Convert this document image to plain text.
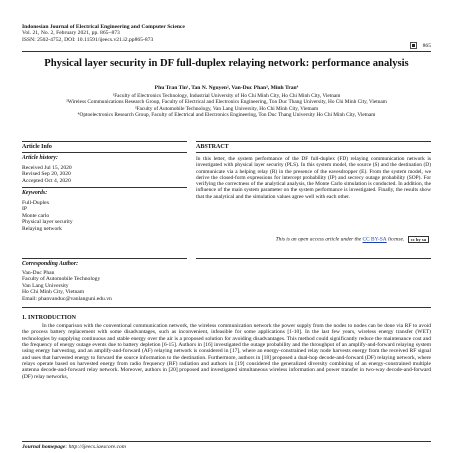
Indonesian Journal of Electrical Engineering and Computer Science
Vol. 21, No. 2, February 2021, pp. 865~873
ISSN: 2502-4752, DOI: 10.11591/ijeecs.v21.i2.pp865-873
865
Physical layer security in DF full-duplex relaying network: performance analysis
Phu Tran Tin¹, Tan N. Nguyen², Van-Duc Phan³, Minh Tran⁴
¹Faculty of Electronics Technology, Industrial University of Ho Chi Minh City, Ho Chi Minh City, Vietnam
²Wireless Communications Research Group, Faculty of Electrical and Electronics Engineering, Ton Duc Thang University, Ho Chi Minh City, Vietnam
³Faculty of Automobile Technology, Van Lang University, Ho Chi Minh City, Vietnam
⁴Optoelectronics Research Group, Faculty of Electrical and Electronics Engineering, Ton Duc Thang University Ho Chi Minh City, Vietnam
Article Info	ABSTRACT
Article history:
Received Jul 15, 2020
Revised Sep 20, 2020
Accepted Oct 4, 2020
Keywords:
Full-Duplex
IP
Monte carlo
Physical layer security
Relaying network
In this letter, the system performance of the DF full-duplex (FD) relaying communication network is investigated with physical layer security (PLS). In this system model, the source (S) and the destination (D) communicate via a helping relay (R) in the presence of the eavesdropper (E). From the system model, we derive the closed-form expressions for intercept probability (IP) and secrecy outage probability (SOP). For verifying the correctness of the analytical analysis, the Monte Carlo simulation is conducted. In addition, the influence of the main system parameter on the system performance is investigated. Finally, the results show that the analytical and the simulation values agree well with each other.
This is an open access article under the CC BY-SA license. cc by sa
Corresponding Author:
Van-Duc Phan
Faculty of Automobile Technology
Van Lang University
Ho Chi Minh City, Vietnam
Email: phanvanduc@vanlanguni.edu.vn
1. INTRODUCTION
In the comparison with the conventional communication network, the wireless communication network the power supply from the nodes to nodes can be done via RF to avoid the process battery replacement with some disadvantages, such as inconvenient, infeasible for some applications [1-10]. In the last few years, wireless energy transfer (WET) technologies by supplying continuous and stable energy over the air is a proposed solution for avoiding disadvantages. This method could significantly reduce the maintenance cost and the frequency of energy outage events due to battery depletion [6-15]. Authors in [16] investigated the outage probability and the throughput of an amplify-and-forward relaying system using energy harvesting, and an amplify-and-forward (AF) relaying network is considered in [17], where an energy-constrained relay node harvests energy from the received RF signal and uses that harvested energy to forward the source information to the destination. Furthermore, authors in [18] proposed a dual-hop decode-and-forward (DF) relaying network, where relays operate based on harvested energy from radio frequency (RF) radiation and authors in [19] considered the generalized diversity combining of an energy-constrained multiple antenna decode-and-forward relay network. Moreover, authors in [20] proposed and investigated simultaneous wireless information and power transfer in two-way decode-and-forward (DF) relay networks,
Journal homepage: http://ijeecs.iaescore.com
